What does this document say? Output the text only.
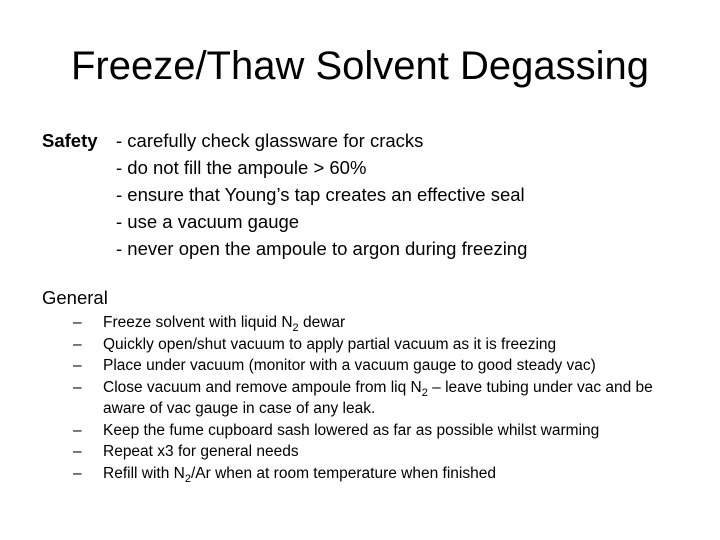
Freeze/Thaw Solvent Degassing
Safety - carefully check glassware for cracks
- do not fill the ampoule > 60%
- ensure that Young’s tap creates an effective seal
- use a vacuum gauge
- never open the ampoule to argon during freezing
General
– Freeze solvent with liquid $N_2$ dewar
– Quickly open/shut vacuum to apply partial vacuum as it is freezing
– Place under vacuum (monitor with a vacuum gauge to good steady vac)
– Close vacuum and remove ampoule from liq $N_2$ – leave tubing under vac and be aware of vac gauge in case of any leak.
– Keep the fume cupboard sash lowered as far as possible whilst warming
– Repeat x3 for general needs
– Refill with $N_2/Ar$ when at room temperature when finished
